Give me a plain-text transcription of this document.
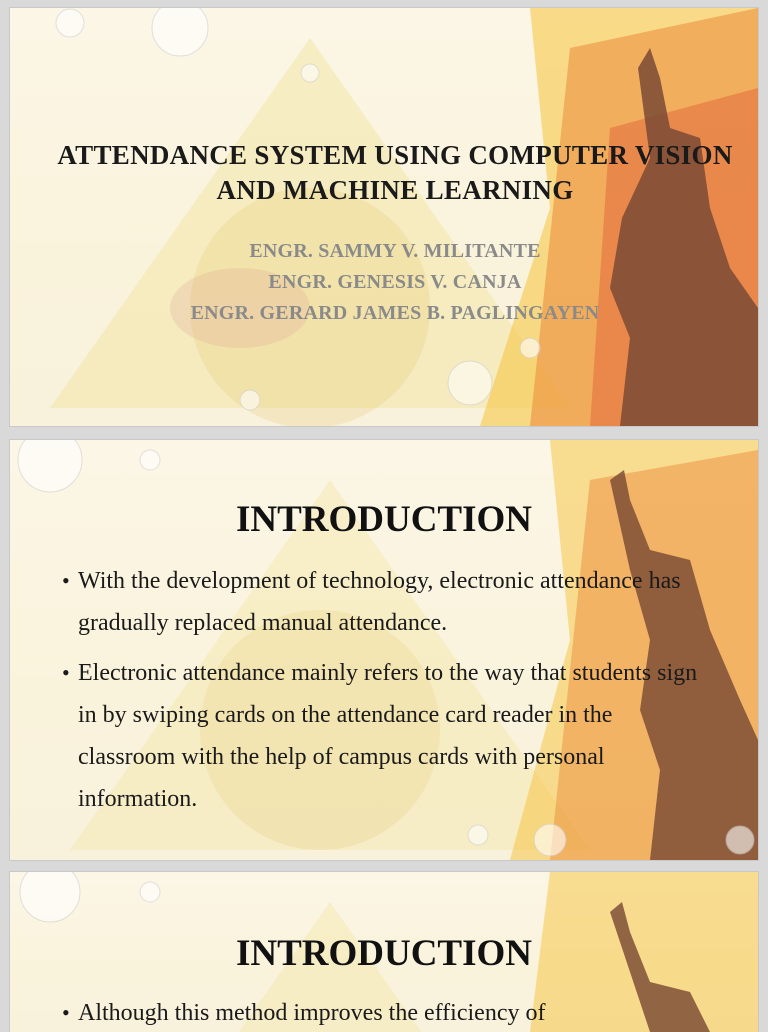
ATTENDANCE SYSTEM USING COMPUTER VISION AND MACHINE LEARNING
ENGR. SAMMY V. MILITANTE
ENGR. GENESIS V. CANJA
ENGR. GERARD JAMES B. PAGLINGAYEN
INTRODUCTION
• With the development of technology, electronic attendance has gradually replaced manual attendance.
• Electronic attendance mainly refers to the way that students sign in by swiping cards on the attendance card reader in the classroom with the help of campus cards with personal information.
INTRODUCTION
• Although this method improves the efficiency of
